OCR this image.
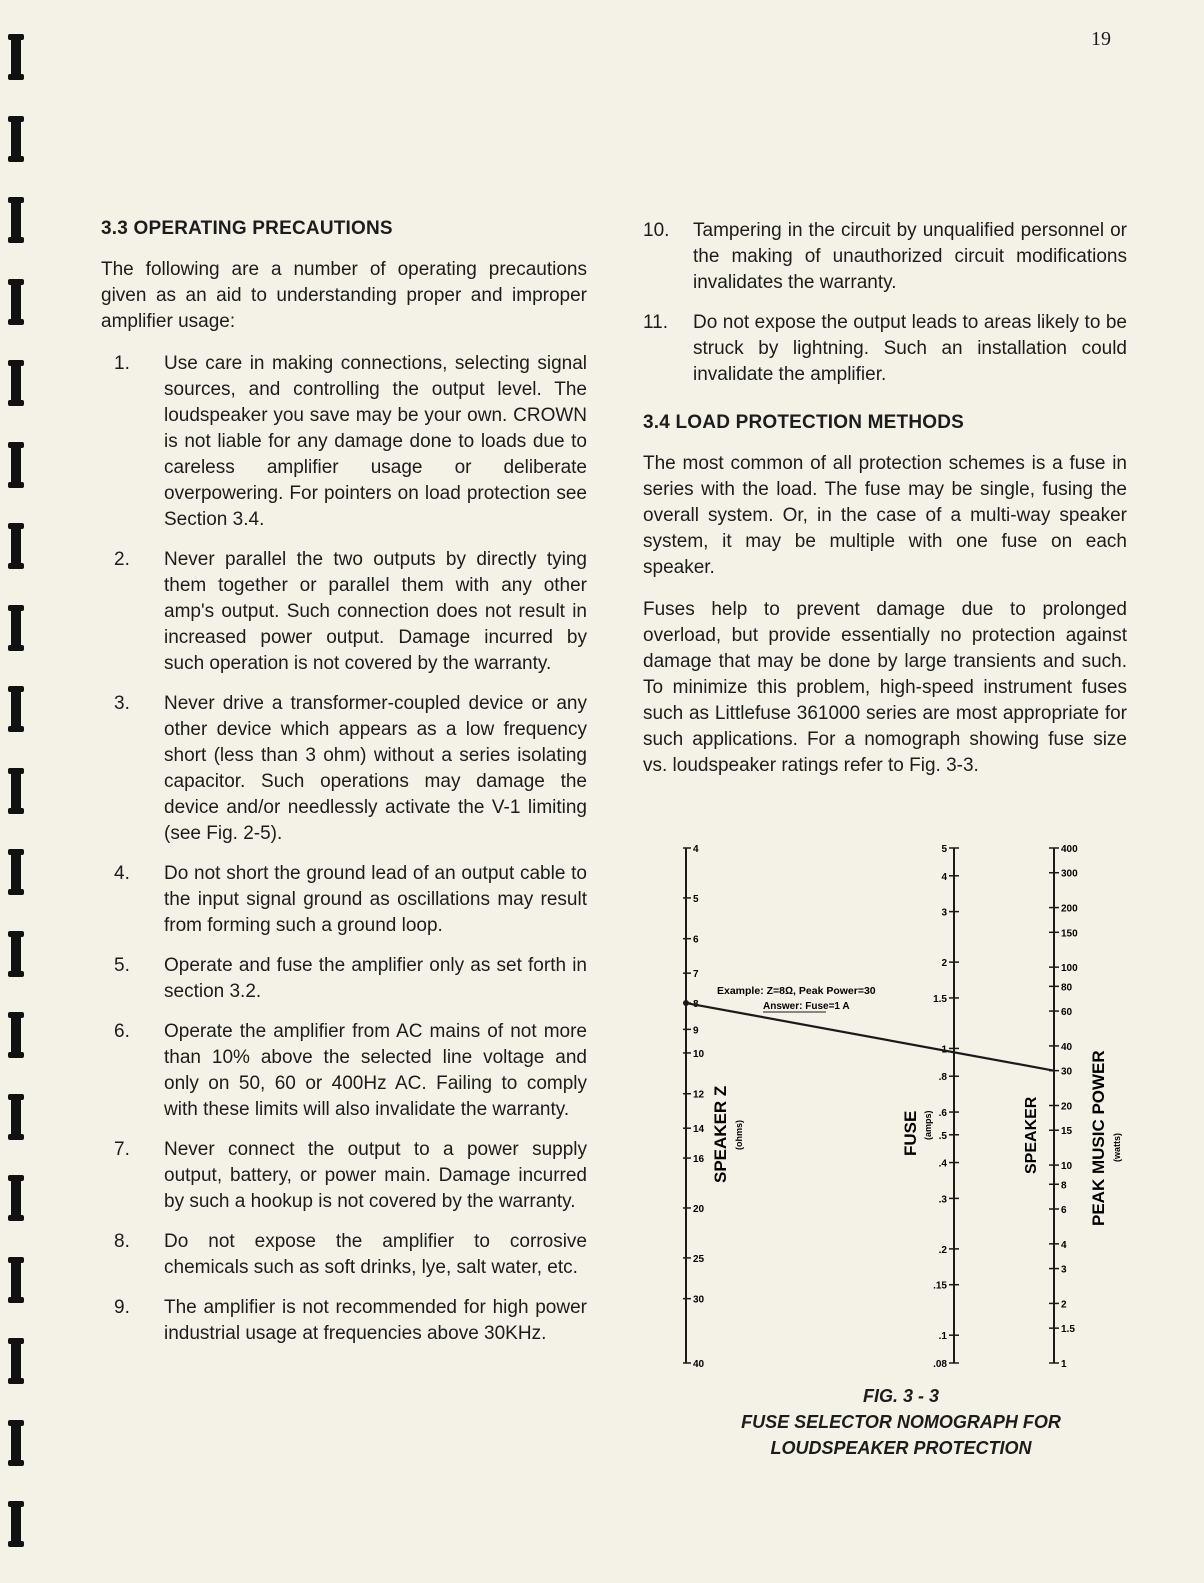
19
3.3 OPERATING PRECAUTIONS

The following are a number of operating precautions given as an aid to understanding proper and improper amplifier usage:

1.	Use care in making connections, selecting signal sources, and controlling the output level. The loudspeaker you save may be your own. CROWN is not liable for any damage done to loads due to careless amplifier usage or deliberate overpowering. For pointers on load protection see Section 3.4.
2.	Never parallel the two outputs by directly tying them together or parallel them with any other amp's output. Such connection does not result in increased power output. Damage incurred by such operation is not covered by the warranty.
3.	Never drive a transformer-coupled device or any other device which appears as a low frequency short (less than 3 ohm) without a series isolating capacitor. Such operations may damage the device and/or needlessly activate the V-1 limiting (see Fig. 2-5).
4.	Do not short the ground lead of an output cable to the input signal ground as oscillations may result from forming such a ground loop.
5.	Operate and fuse the amplifier only as set forth in section 3.2.
6.	Operate the amplifier from AC mains of not more than 10% above the selected line voltage and only on 50, 60 or 400Hz AC. Failing to comply with these limits will also invalidate the warranty.
7.	Never connect the output to a power supply output, battery, or power main. Damage incurred by such a hookup is not covered by the warranty.
8.	Do not expose the amplifier to corrosive chemicals such as soft drinks, lye, salt water, etc.
9.	The amplifier is not recommended for high power industrial usage at frequencies above 30KHz.
10.	Tampering in the circuit by unqualified personnel or the making of unauthorized circuit modifications invalidates the warranty.
11.	Do not expose the output leads to areas likely to be struck by lightning. Such an installation could invalidate the amplifier.
3.4 LOAD PROTECTION METHODS

The most common of all protection schemes is a fuse in series with the load. The fuse may be single, fusing the overall system. Or, in the case of a multi-way speaker system, it may be multiple with one fuse on each speaker.

Fuses help to prevent damage due to prolonged overload, but provide essentially no protection against damage that may be done by large transients and such. To minimize this problem, high-speed instrument fuses such as Littlefuse 361000 series are most appropriate for such applications. For a nomograph showing fuse size vs. loudspeaker ratings refer to Fig. 3-3.

4
5
6
7
9
10
12
14
16
20
25
30
40
5
4
3
2
1.5
.8
.6
.5
.4
.3
.2
.15
.1
.08
400
300
200
150
100
80
60
40
30
20
15
10
8
6
4
3
2
1.5
1
Example: Z=8Ω, Peak Power=30
Answer: Fuse=1 A
SPEAKER Z (ohms)	FUSE (amps)	SPEAKER	PEAK MUSIC POWER (watts)
FIG. 3 - 3
FUSE SELECTOR NOMOGRAPH FOR
LOUDSPEAKER PROTECTION
